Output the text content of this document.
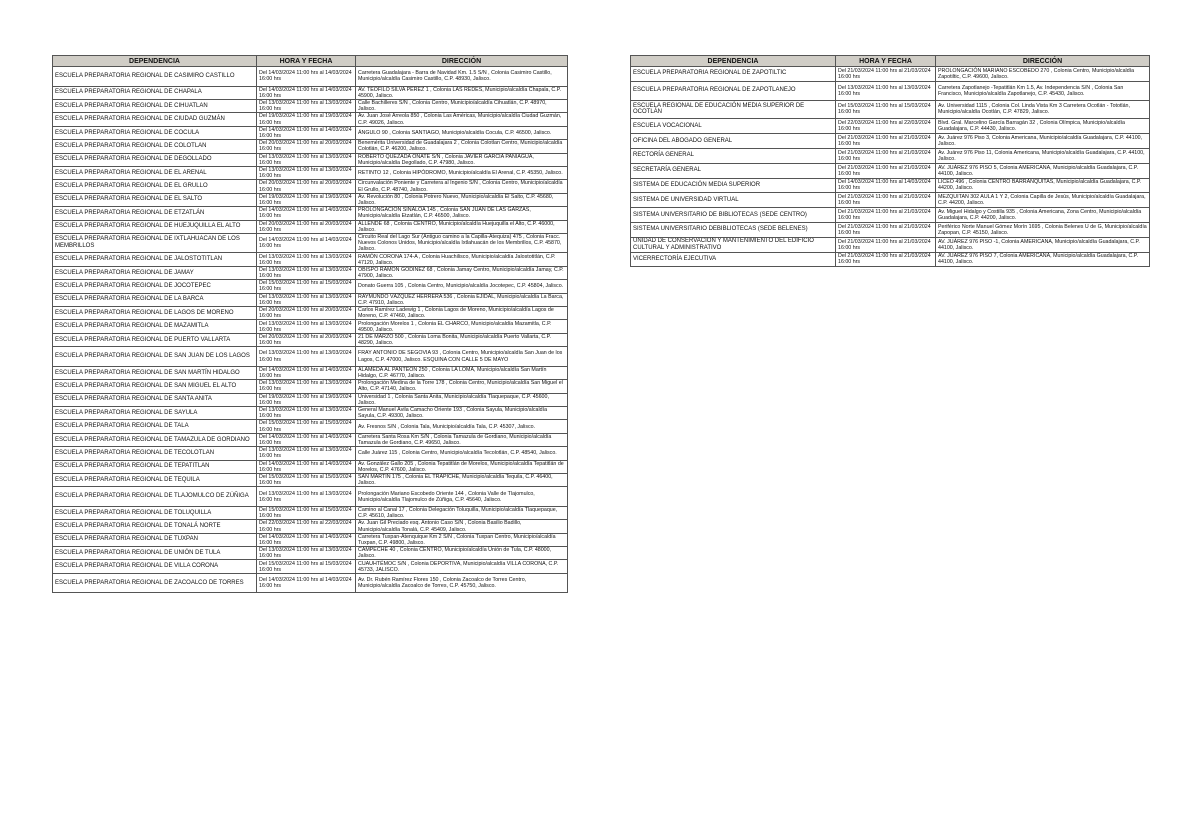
DEPENDENCIA	HORA Y FECHA	DIRECCIÓN

ESCUELA PREPARATORIA REGIONAL DE CASIMIRO CASTILLO	Del 14/03/2024 11:00 hrs al 14/03/2024 16:00 hrs	Carretera Guadalajara - Barra de Navidad Km. 1.5 S/N , Colonia Casimiro Castillo, Municipio/alcaldía Casimiro Castillo, C.P. 48930, Jalisco.

ESCUELA PREPARATORIA REGIONAL DE CHAPALA	Del 14/03/2024 11:00 hrs al 14/03/2024 16:00 hrs	AV. TEÓFILO SILVA PÉREZ 1 , Colonia LAS REDES, Municipio/alcaldía Chapala, C.P. 45900, Jalisco.

ESCUELA PREPARATORIA REGIONAL DE CIHUATLAN	Del 13/03/2024 11:00 hrs al 13/03/2024 16:00 hrs	Calle Bachilleres S/N , Colonia Centro, Municipio/alcaldía Cihuatlán, C.P. 48970, Jalisco.

ESCUELA PREPARATORIA REGIONAL DE CIUDAD GUZMÁN	Del 19/03/2024 11:00 hrs al 19/03/2024 16:00 hrs	Av. Juan José Arreola 850 , Colonia Las Américas, Municipio/alcaldía Ciudad Guzmán, C.P. 49026, Jalisco.

ESCUELA PREPARATORIA REGIONAL DE COCULA	Del 14/03/2024 11:00 hrs al 14/03/2024 16:00 hrs	ÁNGULO 90 , Colonia SANTIAGO, Municipio/alcaldía Cocula, C.P. 46500, Jalisco.

ESCUELA PREPARATORIA REGIONAL DE COLOTLAN	Del 20/03/2024 11:00 hrs al 20/03/2024 16:00 hrs	Benemérita Universidad de Guadalajara 2 , Colonia Colotlan Centro, Municipio/alcaldía Colotlán, C.P. 46200, Jalisco.

ESCUELA PREPARATORIA REGIONAL DE DEGOLLADO	Del 13/03/2024 11:00 hrs al 13/03/2024 16:00 hrs	ROBERTO QUEZADA OÑATE S/N , Colonia JAVIER GARCÍA PANIAGUA, Municipio/alcaldía Degollado, C.P. 47980, Jalisco.

ESCUELA PREPARATORIA REGIONAL DE EL ARENAL	Del 13/03/2024 11:00 hrs al 13/03/2024 16:00 hrs	RETINTO 12 , Colonia HIPÓDROMO, Municipio/alcaldía El Arenal, C.P. 45350, Jalisco.

ESCUELA PREPARATORIA REGIONAL DE EL GRULLO	Del 20/03/2024 11:00 hrs al 20/03/2024 16:00 hrs	Circunvalación Poniente y Carretera al Ingenio S/N , Colonia Centro, Municipio/alcaldía El Grullo, C.P. 48740, Jalisco.

ESCUELA PREPARATORIA REGIONAL DE EL SALTO	Del 19/03/2024 11:00 hrs al 19/03/2024 16:00 hrs	Av. Revolución 80 , Colonia Potrero Nuevo, Municipio/alcaldía El Salto, C.P. 45680, Jalisco.

ESCUELA PREPARATORIA REGIONAL DE ETZATLÁN	Del 14/03/2024 11:00 hrs al 14/03/2024 16:00 hrs	PROLONGACION SINALOA 145 , Colonia SAN JUAN DE LAS GARZAS, Municipio/alcaldía Etzatlán, C.P. 46500, Jalisco.

ESCUELA PREPARATORIA REGIONAL DE HUEJUQUILLA EL ALTO	Del 20/03/2024 11:00 hrs al 20/03/2024 16:00 hrs	ALLENDE 68 , Colonia CENTRO, Municipio/alcaldía Huejuquilla el Alto, C.P. 46000, Jalisco.

ESCUELA PREPARATORIA REGIONAL DE IXTLAHUACAN DE LOS MEMBRILLOS	Del 14/03/2024 11:00 hrs al 14/03/2024 16:00 hrs	Circuito Real del Lago Sur (Antiguo camino a la Capilla-Atequiza) 475 , Colonia Fracc. Nuevos Colonos Unidos, Municipio/alcaldía Ixtlahuacán de los Membrillos, C.P. 45870, Jalisco.

ESCUELA PREPARATORIA REGIONAL DE JALOSTOTITLAN	Del 13/03/2024 11:00 hrs al 13/03/2024 16:00 hrs	RAMÓN CORONA 174-A , Colonia Huachilisco, Municipio/alcaldía Jalostotitlán, C.P. 47120, Jalisco.

ESCUELA PREPARATORIA REGIONAL DE JAMAY	Del 13/03/2024 11:00 hrs al 13/03/2024 16:00 hrs	OBISPO RAMÓN GODÍNEZ 68 , Colonia Jamay Centro, Municipio/alcaldía Jamay, C.P. 47900, Jalisco.

ESCUELA PREPARATORIA REGIONAL DE JOCOTEPEC	Del 15/03/2024 11:00 hrs al 15/03/2024 16:00 hrs	Donato Guerra 105 , Colonia Centro, Municipio/alcaldía Jocotepec, C.P. 45804, Jalisco.

ESCUELA PREPARATORIA REGIONAL DE LA BARCA	Del 13/03/2024 11:00 hrs al 13/03/2024 16:00 hrs	RAYMUNDO VÁZQUEZ HERRERA 536 , Colonia EJIDAL, Municipio/alcaldía La Barca, C.P. 47910, Jalisco.

ESCUELA PREPARATORIA REGIONAL DE LAGOS DE MORENO	Del 20/03/2024 11:00 hrs al 20/03/2024 16:00 hrs	Carlos Ramírez Ladewig 1 , Colonia Lagos de Moreno, Municipio/alcaldía Lagos de Moreno, C.P. 47460, Jalisco.

ESCUELA PREPARATORIA REGIONAL DE MAZAMITLA	Del 13/03/2024 11:00 hrs al 13/03/2024 16:00 hrs	Prolongación Morelos 1 , Colonia EL CHARCO, Municipio/alcaldía Mazamitla, C.P. 49500, Jalisco.

ESCUELA PREPARATORIA REGIONAL DE PUERTO VALLARTA	Del 20/03/2024 11:00 hrs al 20/03/2024 16:00 hrs	21 DE MARZO 500 , Colonia Loma Bonita, Municipio/alcaldía Puerto Vallarta, C.P. 48290, Jalisco.

ESCUELA PREPARATORIA REGIONAL DE SAN JUAN DE LOS LAGOS	Del 13/03/2024 11:00 hrs al 13/03/2024 16:00 hrs	FRAY ANTONIO DE SEGOVIA 93 , Colonia Centro, Municipio/alcaldía San Juan de los Lagos, C.P. 47000, Jalisco. ESQUINA CON CALLE 5 DE MAYO

ESCUELA PREPARATORIA REGIONAL DE SAN MARTÍN HIDALGO	Del 14/03/2024 11:00 hrs al 14/03/2024 16:00 hrs	ALAMEDA AL PANTEÓN 250 , Colonia LA LOMA, Municipio/alcaldía San Martín Hidalgo, C.P. 46770, Jalisco.

ESCUELA PREPARATORIA REGIONAL DE SAN MIGUEL EL ALTO	Del 13/03/2024 11:00 hrs al 13/03/2024 16:00 hrs	Prolongación Medina de la Torre 178 , Colonia Centro, Municipio/alcaldía San Miguel el Alto, C.P. 47140, Jalisco.

ESCUELA PREPARATORIA REGIONAL DE SANTA ANITA	Del 19/03/2024 11:00 hrs al 19/03/2024 16:00 hrs	Universidad 1 , Colonia Santa Anita, Municipio/alcaldía Tlaquepaque, C.P. 45600, Jalisco.

ESCUELA PREPARATORIA REGIONAL DE SAYULA	Del 13/03/2024 11:00 hrs al 13/03/2024 16:00 hrs	General Manuel Ávila Camacho Oriente 193 , Colonia Sayula, Municipio/alcaldía Sayula, C.P. 49300, Jalisco.

ESCUELA PREPARATORIA REGIONAL DE TALA	Del 15/03/2024 11:00 hrs al 15/03/2024 16:00 hrs	Av. Fresnos S/N , Colonia Tala, Municipio/alcaldía Tala, C.P. 45307, Jalisco.

ESCUELA PREPARATORIA REGIONAL DE TAMAZULA DE GORDIANO	Del 14/03/2024 11:00 hrs al 14/03/2024 16:00 hrs	Carretera Santa Rosa Km S/N , Colonia Tamazula de Gordiano, Municipio/alcaldía Tamazula de Gordiano, C.P. 49650, Jalisco.

ESCUELA PREPARATORIA REGIONAL DE TECOLOTLAN	Del 13/03/2024 11:00 hrs al 13/03/2024 16:00 hrs	Calle Juárez 115 , Colonia Centro, Municipio/alcaldía Tecolotlán, C.P. 48540, Jalisco.

ESCUELA PREPARATORIA REGIONAL DE TEPATITLAN	Del 14/03/2024 11:00 hrs al 14/03/2024 16:00 hrs	Av. González Gallo 205 , Colonia Tepatitlán de Morelos, Municipio/alcaldía Tepatitlán de Morelos, C.P. 47600, Jalisco.

ESCUELA PREPARATORIA REGIONAL DE TEQUILA	Del 15/03/2024 11:00 hrs al 15/03/2024 16:00 hrs	SAN MARTÍN 175 , Colonia EL TRAPICHE, Municipio/alcaldía Tequila, C.P. 46400, Jalisco.

ESCUELA PREPARATORIA REGIONAL DE TLAJOMULCO DE ZÚÑIGA	Del 13/03/2024 11:00 hrs al 13/03/2024 16:00 hrs	Prolongación Mariano Escobedo Oriente 144 , Colonia Valle de Tlajomulco, Municipio/alcaldía Tlajomulco de Zúñiga, C.P. 45640, Jalisco.

ESCUELA PREPARATORIA REGIONAL DE TOLUQUILLA	Del 15/03/2024 11:00 hrs al 15/03/2024 16:00 hrs	Camino al Canal 17 , Colonia Delegación Toluquilla, Municipio/alcaldía Tlaquepaque, C.P. 45610, Jalisco.

ESCUELA PREPARATORIA REGIONAL DE TONALÁ NORTE	Del 22/03/2024 11:00 hrs al 22/03/2024 16:00 hrs	Av. Juan Gil Preciado esq. Antonio Caso S/N , Colonia Basilio Badillo, Municipio/alcaldía Tonalá, C.P. 45409, Jalisco.

ESCUELA PREPARATORIA REGIONAL DE TUXPAN	Del 14/03/2024 11:00 hrs al 14/03/2024 16:00 hrs	Carretera Tuxpan-Atenquique Km 2 S/N , Colonia Tuxpan Centro, Municipio/alcaldía Tuxpan, C.P. 49800, Jalisco.

ESCUELA PREPARATORIA REGIONAL DE UNIÓN DE TULA	Del 13/03/2024 11:00 hrs al 13/03/2024 16:00 hrs	CAMPECHE 40 , Colonia CENTRO, Municipio/alcaldía Unión de Tula, C.P. 48000, Jalisco.

ESCUELA PREPARATORIA REGIONAL DE VILLA CORONA	Del 15/03/2024 11:00 hrs al 15/03/2024 16:00 hrs	CUAUHTÉMOC S/N , Colonia DEPORTIVA, Municipio/alcaldía VILLA CORONA, C.P. 45733, JALISCO.

ESCUELA PREPARATORIA REGIONAL DE ZACOALCO DE TORRES	Del 14/03/2024 11:00 hrs al 14/03/2024 16:00 hrs	Av. Dr. Rubén Ramírez Flores 150 , Colonia Zacoalco de Torres Centro, Municipio/alcaldía Zacoalco de Torres, C.P. 45750, Jalisco.
DEPENDENCIA	HORA Y FECHA	DIRECCIÓN

ESCUELA PREPARATORIA REGIONAL DE ZAPOTILTIC	Del 21/03/2024 11:00 hrs al 21/03/2024 16:00 hrs	PROLONGACIÓN MARIANO ESCOBEDO 270 , Colonia Centro, Municipio/alcaldía Zapotiltic, C.P. 49600, Jalisco.

ESCUELA PREPARATORIA REGIONAL DE ZAPOTLANEJO	Del 13/03/2024 11:00 hrs al 13/03/2024 16:00 hrs	Carretera Zapotlanejo -Tepatitlán Km 1.5, Av. Independencia S/N , Colonia San Francisco, Municipio/alcaldía Zapotlanejo, C.P. 45430, Jalisco.

ESCUELA REGIONAL DE EDUCACIÓN MEDIA SUPERIOR DE OCOTLÁN	Del 15/03/2024 11:00 hrs al 15/03/2024 16:00 hrs	Av. Universidad 1115 , Colonia Col. Linda Vista Km 3 Carretera Ocotlán - Tototlán, Municipio/alcaldía Ocotlán, C.P. 47829, Jalisco.

ESCUELA VOCACIONAL	Del 22/03/2024 11:00 hrs al 22/03/2024 16:00 hrs	Blvd. Gral. Marcelino García Barragán 32 , Colonia Olímpica, Municipio/alcaldía Guadalajara, C.P. 44430, Jalisco.

OFICINA DEL ABOGADO GENERAL	Del 21/03/2024 11:00 hrs al 21/03/2024 16:00 hrs	Av. Juárez 976 Piso 3, Colonia Americana, Municipio/alcaldía Guadalajara, C.P. 44100, Jalisco.

RECTORÍA GENERAL	Del 21/03/2024 11:00 hrs al 21/03/2024 16:00 hrs	Av. Juárez 976 Piso 11, Colonia Americana, Municipio/alcaldía Guadalajara, C.P. 44100, Jalisco.

SECRETARÍA GENERAL	Del 21/03/2024 11:00 hrs al 21/03/2024 16:00 hrs	AV. JUÁREZ 976 PISO 5, Colonia AMERICANA, Municipio/alcaldía Guadalajara, C.P. 44100, Jalisco.

SISTEMA DE EDUCACIÓN MEDIA SUPERIOR	Del 14/03/2024 11:00 hrs al 14/03/2024 16:00 hrs	LICEO 496 , Colonia CENTRO BARRANQUITAS, Municipio/alcaldía Guadalajara, C.P. 44200, Jalisco.

SISTEMA DE UNIVERSIDAD VIRTUAL	Del 21/03/2024 11:00 hrs al 21/03/2024 16:00 hrs	MEZQUITAN 302 AULA 1 Y 2, Colonia Capilla de Jesús, Municipio/alcaldía Guadalajara, C.P. 44200, Jalisco.

SISTEMA UNIVERSITARIO DE BIBLIOTECAS (SEDE CENTRO)	Del 21/03/2024 11:00 hrs al 21/03/2024 16:00 hrs	Av. Miguel Hidalgo y Costilla 935 , Colonia Americana, Zona Centro, Municipio/alcaldía Guadalajara, C.P. 44200, Jalisco.

SISTEMA UNIVERSITARIO DEBIBLIOTECAS (SEDE BELENES)	Del 21/03/2024 11:00 hrs al 21/03/2024 16:00 hrs	Periférico Norte Manuel Gómez Morín 1695 , Colonia Belenes U de G, Municipio/alcaldía Zapopan, C.P. 45150, Jalisco.

UNIDAD DE CONSERVACIÓN Y MANTENIMIENTO DEL EDIFICIO CULTURAL Y ADMINISTRATIVO	Del 21/03/2024 11:00 hrs al 21/03/2024 16:00 hrs	AV. JUÁREZ 976 PISO -1, Colonia AMERICANA, Municipio/alcaldía Guadalajara, C.P. 44100, Jalisco.

VICERRECTORÍA EJECUTIVA	Del 21/03/2024 11:00 hrs al 21/03/2024 16:00 hrs	AV. JUÁREZ 976 PISO 7, Colonia AMERICANA, Municipio/alcaldía Guadalajara, C.P. 44100, Jalisco.
